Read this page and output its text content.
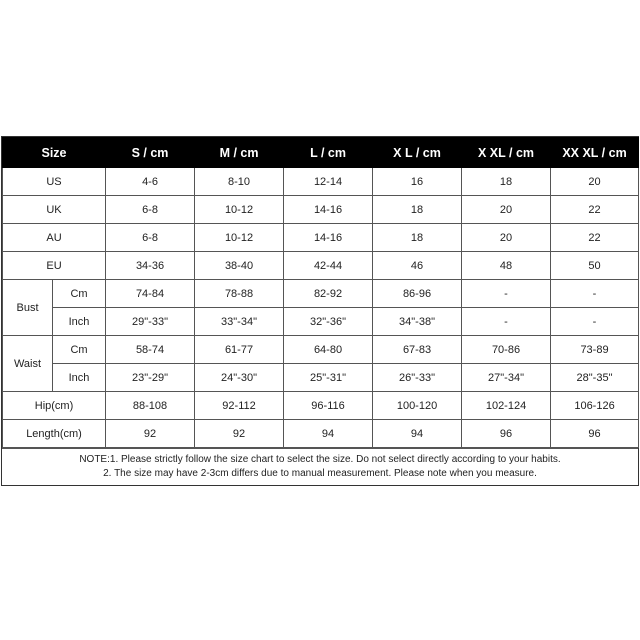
Size		S / cm	M / cm	L / cm	X L / cm	X XL / cm	XX XL / cm
US		4-6	8-10	12-14	16	18	20
UK		6-8	10-12	14-16	18	20	22
AU		6-8	10-12	14-16	18	20	22
EU		34-36	38-40	42-44	46	48	50
Bust	Cm	74-84	78-88	82-92	86-96	-	-
	Inch	29"-33"	33"-34"	32"-36"	34"-38"	-	-
Waist	Cm	58-74	61-77	64-80	67-83	70-86	73-89
	Inch	23"-29"	24"-30"	25"-31"	26"-33"	27"-34"	28"-35"
Hip(cm)		88-108	92-112	96-116	100-120	102-124	106-126
Length(cm)		92	92	94	94	96	96
NOTE:1. Please strictly follow the size chart to select the size. Do not select directly according to your habits.
2. The size may have 2-3cm differs due to manual measurement. Please note when you measure.
